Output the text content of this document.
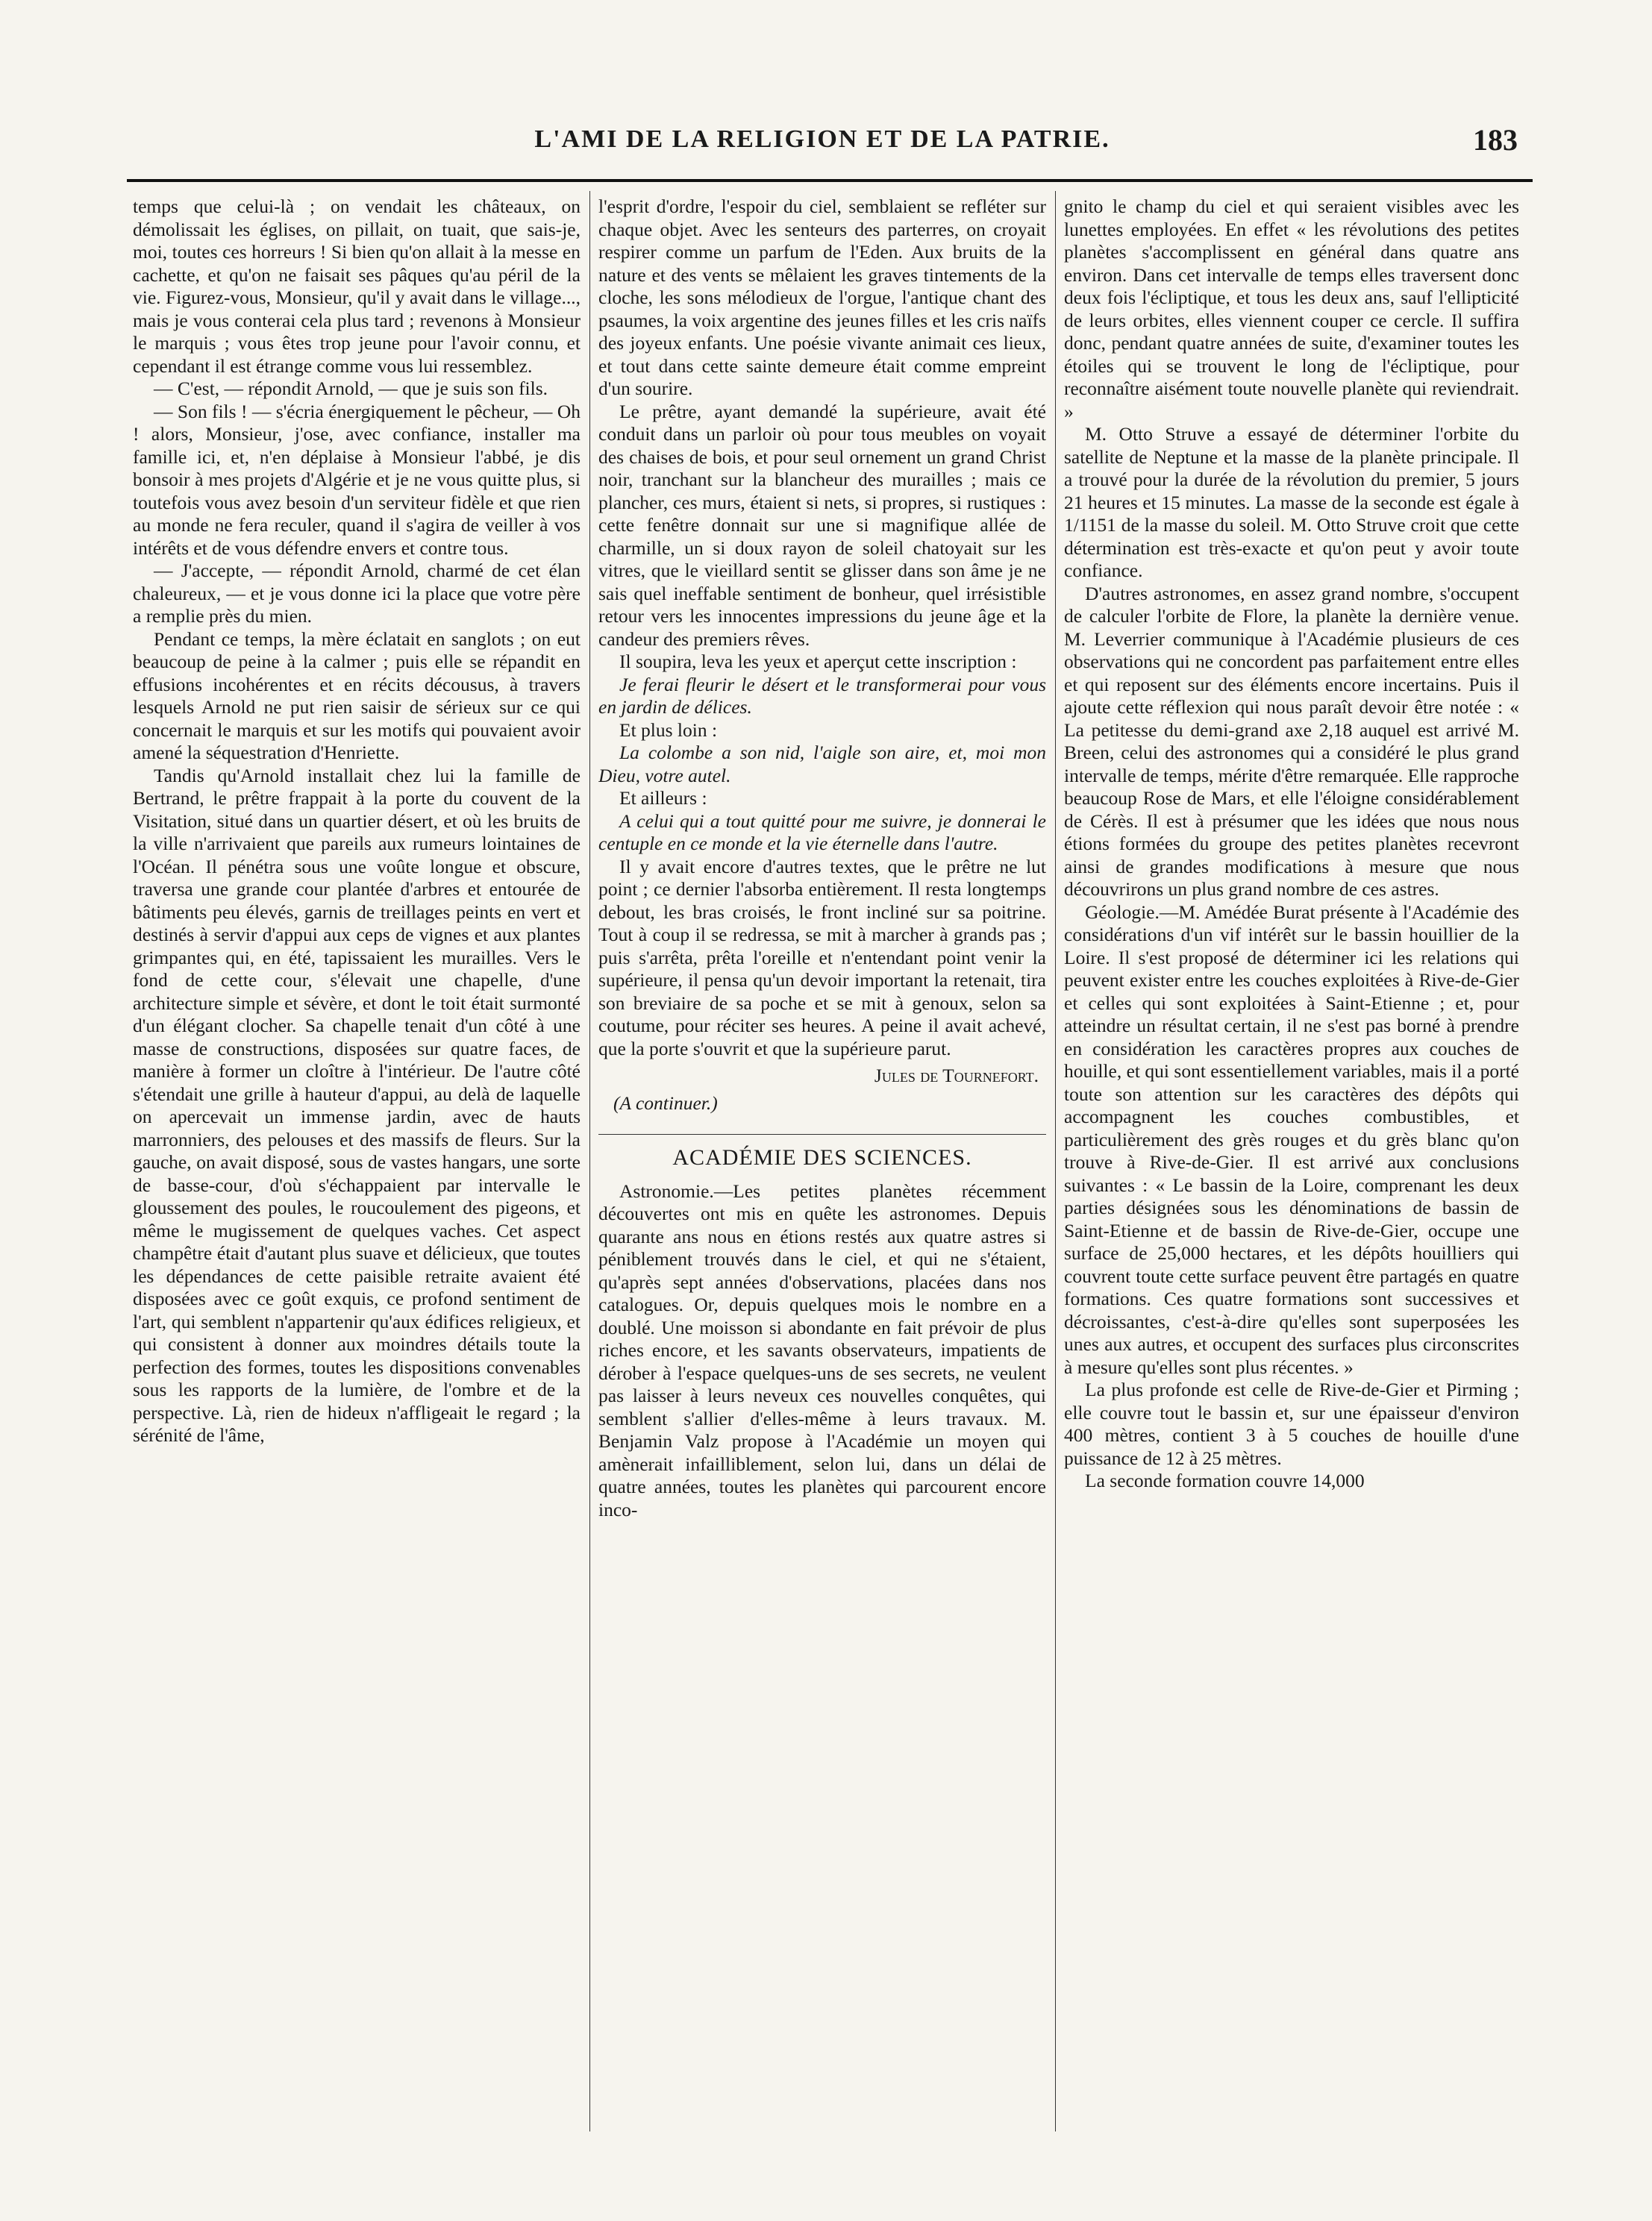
L'AMI DE LA RELIGION ET DE LA PATRIE.	183

temps que celui-là ; on vendait les châteaux, on démolissait les églises, on pillait, on tuait, que sais-je, moi, toutes ces horreurs ! Si bien qu'on allait à la messe en cachette, et qu'on ne faisait ses pâques qu'au péril de la vie. Figurez-vous, Monsieur, qu'il y avait dans le village..., mais je vous conterai cela plus tard ; revenons à Monsieur le marquis ; vous êtes trop jeune pour l'avoir connu, et cependant il est étrange comme vous lui ressemblez.

— C'est, — répondit Arnold, — que je suis son fils.

— Son fils ! — s'écria énergiquement le pêcheur, — Oh ! alors, Monsieur, j'ose, avec confiance, installer ma famille ici, et, n'en déplaise à Monsieur l'abbé, je dis bonsoir à mes projets d'Algérie et je ne vous quitte plus, si toutefois vous avez besoin d'un serviteur fidèle et que rien au monde ne fera reculer, quand il s'agira de veiller à vos intérêts et de vous défendre envers et contre tous.

— J'accepte, — répondit Arnold, charmé de cet élan chaleureux, — et je vous donne ici la place que votre père a remplie près du mien.

Pendant ce temps, la mère éclatait en sanglots ; on eut beaucoup de peine à la calmer ; puis elle se répandit en effusions incohérentes et en récits décousus, à travers lesquels Arnold ne put rien saisir de sérieux sur ce qui concernait le marquis et sur les motifs qui pouvaient avoir amené la séquestration d'Henriette.

Tandis qu'Arnold installait chez lui la famille de Bertrand, le prêtre frappait à la porte du couvent de la Visitation, situé dans un quartier désert, et où les bruits de la ville n'arrivaient que pareils aux rumeurs lointaines de l'Océan. Il pénétra sous une voûte longue et obscure, traversa une grande cour plantée d'arbres et entourée de bâtiments peu élevés, garnis de treillages peints en vert et destinés à servir d'appui aux ceps de vignes et aux plantes grimpantes qui, en été, tapissaient les murailles. Vers le fond de cette cour, s'élevait une chapelle, d'une architecture simple et sévère, et dont le toit était surmonté d'un élégant clocher. Sa chapelle tenait d'un côté à une masse de constructions, disposées sur quatre faces, de manière à former un cloître à l'intérieur. De l'autre côté s'étendait une grille à hauteur d'appui, au delà de laquelle on apercevait un immense jardin, avec de hauts marronniers, des pelouses et des massifs de fleurs. Sur la gauche, on avait disposé, sous de vastes hangars, une sorte de basse-cour, d'où s'échappaient par intervalle le gloussement des poules, le roucoulement des pigeons, et même le mugissement de quelques vaches. Cet aspect champêtre était d'autant plus suave et délicieux, que toutes les dépendances de cette paisible retraite avaient été disposées avec ce goût exquis, ce profond sentiment de l'art, qui semblent n'appartenir qu'aux édifices religieux, et qui consistent à donner aux moindres détails toute la perfection des formes, toutes les dispositions convenables sous les rapports de la lumière, de l'ombre et de la perspective. Là, rien de hideux n'affligeait le regard ; la sérénité de l'âme,

l'esprit d'ordre, l'espoir du ciel, semblaient se refléter sur chaque objet. Avec les senteurs des parterres, on croyait respirer comme un parfum de l'Eden. Aux bruits de la nature et des vents se mêlaient les graves tintements de la cloche, les sons mélodieux de l'orgue, l'antique chant des psaumes, la voix argentine des jeunes filles et les cris naïfs des joyeux enfants. Une poésie vivante animait ces lieux, et tout dans cette sainte demeure était comme empreint d'un sourire.

Le prêtre, ayant demandé la supérieure, avait été conduit dans un parloir où pour tous meubles on voyait des chaises de bois, et pour seul ornement un grand Christ noir, tranchant sur la blancheur des murailles ; mais ce plancher, ces murs, étaient si nets, si propres, si rustiques : cette fenêtre donnait sur une si magnifique allée de charmille, un si doux rayon de soleil chatoyait sur les vitres, que le vieillard sentit se glisser dans son âme je ne sais quel ineffable sentiment de bonheur, quel irrésistible retour vers les innocentes impressions du jeune âge et la candeur des premiers rêves.

Il soupira, leva les yeux et aperçut cette inscription :

Je ferai fleurir le désert et le transformerai pour vous en jardin de délices.

Et plus loin :

La colombe a son nid, l'aigle son aire, et, moi mon Dieu, votre autel.

Et ailleurs :

A celui qui a tout quitté pour me suivre, je donnerai le centuple en ce monde et la vie éternelle dans l'autre.

Il y avait encore d'autres textes, que le prêtre ne lut point ; ce dernier l'absorba entièrement. Il resta longtemps debout, les bras croisés, le front incliné sur sa poitrine. Tout à coup il se redressa, se mit à marcher à grands pas ; puis s'arrêta, prêta l'oreille et n'entendant point venir la supérieure, il pensa qu'un devoir important la retenait, tira son breviaire de sa poche et se mit à genoux, selon sa coutume, pour réciter ses heures. A peine il avait achevé, que la porte s'ouvrit et que la supérieure parut.

Jules de Tournefort.

(A continuer.)

ACADÉMIE DES SCIENCES.

Astronomie.—Les petites planètes récemment découvertes ont mis en quête les astronomes. Depuis quarante ans nous en étions restés aux quatre astres si péniblement trouvés dans le ciel, et qui ne s'étaient, qu'après sept années d'observations, placées dans nos catalogues. Or, depuis quelques mois le nombre en a doublé. Une moisson si abondante en fait prévoir de plus riches encore, et les savants observateurs, impatients de dérober à l'espace quelques-uns de ses secrets, ne veulent pas laisser à leurs neveux ces nouvelles conquêtes, qui semblent s'allier d'elles-même à leurs travaux. M. Benjamin Valz propose à l'Académie un moyen qui amènerait infailliblement, selon lui, dans un délai de quatre années, toutes les planètes qui parcourent encore inco-

gnito le champ du ciel et qui seraient visibles avec les lunettes employées. En effet « les révolutions des petites planètes s'accomplissent en général dans quatre ans environ. Dans cet intervalle de temps elles traversent donc deux fois l'écliptique, et tous les deux ans, sauf l'ellipticité de leurs orbites, elles viennent couper ce cercle. Il suffira donc, pendant quatre années de suite, d'examiner toutes les étoiles qui se trouvent le long de l'écliptique, pour reconnaître aisément toute nouvelle planète qui reviendrait. »

M. Otto Struve a essayé de déterminer l'orbite du satellite de Neptune et la masse de la planète principale. Il a trouvé pour la durée de la révolution du premier, 5 jours 21 heures et 15 minutes. La masse de la seconde est égale à 1/1151 de la masse du soleil. M. Otto Struve croit que cette détermination est très-exacte et qu'on peut y avoir toute confiance.

D'autres astronomes, en assez grand nombre, s'occupent de calculer l'orbite de Flore, la planète la dernière venue. M. Leverrier communique à l'Académie plusieurs de ces observations qui ne concordent pas parfaitement entre elles et qui reposent sur des éléments encore incertains. Puis il ajoute cette réflexion qui nous paraît devoir être notée : « La petitesse du demi-grand axe 2,18 auquel est arrivé M. Breen, celui des astronomes qui a considéré le plus grand intervalle de temps, mérite d'être remarquée. Elle rapproche beaucoup Rose de Mars, et elle l'éloigne considérablement de Cérès. Il est à présumer que les idées que nous nous étions formées du groupe des petites planètes recevront ainsi de grandes modifications à mesure que nous découvrirons un plus grand nombre de ces astres.

Géologie.—M. Amédée Burat présente à l'Académie des considérations d'un vif intérêt sur le bassin houillier de la Loire. Il s'est proposé de déterminer ici les relations qui peuvent exister entre les couches exploitées à Rive-de-Gier et celles qui sont exploitées à Saint-Etienne ; et, pour atteindre un résultat certain, il ne s'est pas borné à prendre en considération les caractères propres aux couches de houille, et qui sont essentiellement variables, mais il a porté toute son attention sur les caractères des dépôts qui accompagnent les couches combustibles, et particulièrement des grès rouges et du grès blanc qu'on trouve à Rive-de-Gier. Il est arrivé aux conclusions suivantes : « Le bassin de la Loire, comprenant les deux parties désignées sous les dénominations de bassin de Saint-Etienne et de bassin de Rive-de-Gier, occupe une surface de 25,000 hectares, et les dépôts houilliers qui couvrent toute cette surface peuvent être partagés en quatre formations. Ces quatre formations sont successives et décroissantes, c'est-à-dire qu'elles sont superposées les unes aux autres, et occupent des surfaces plus circonscrites à mesure qu'elles sont plus récentes. »

La plus profonde est celle de Rive-de-Gier et Pirming ; elle couvre tout le bassin et, sur une épaisseur d'environ 400 mètres, contient 3 à 5 couches de houille d'une puissance de 12 à 25 mètres.

La seconde formation couvre 14,000
